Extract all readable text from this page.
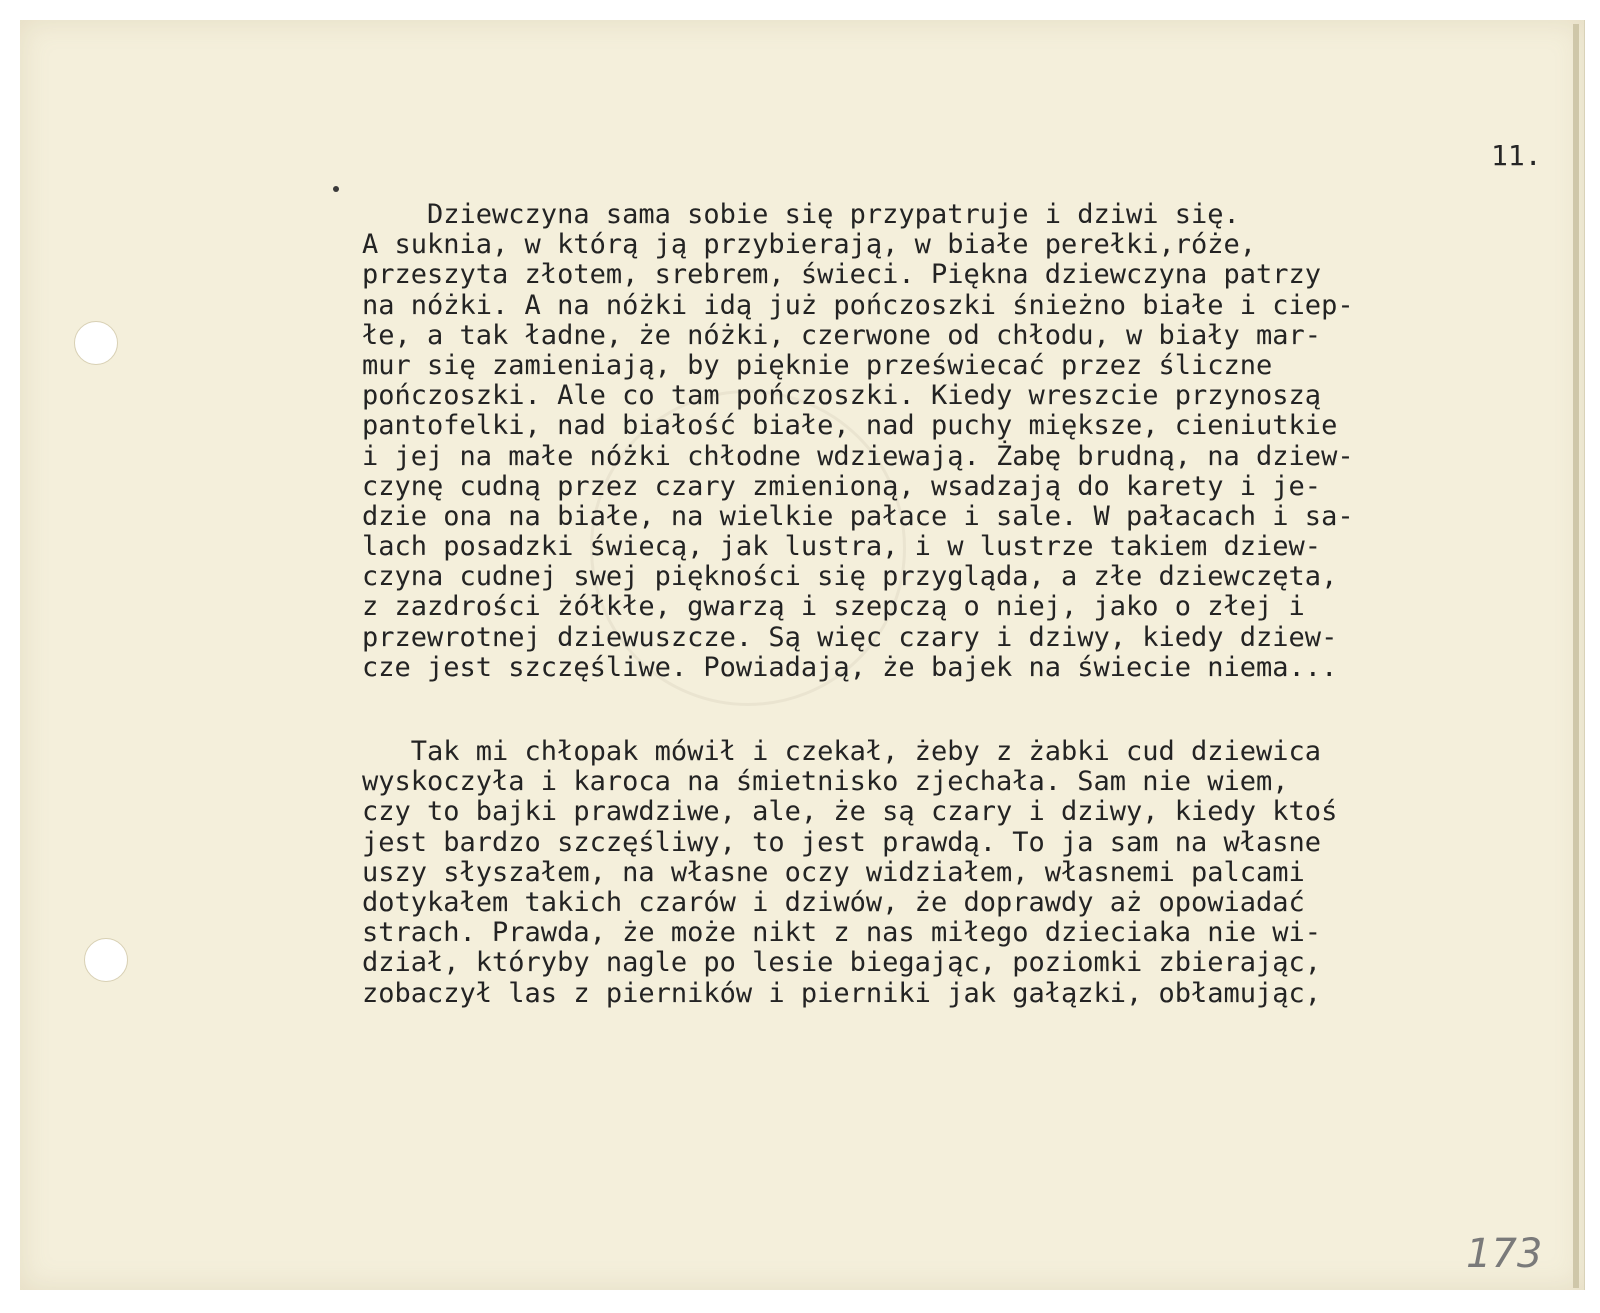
11.
Dziewczyna sama sobie się przypatruje i dziwi się.
A suknia, w którą ją przybierają, w białe perełki,róże,
przeszyta złotem, srebrem, świeci. Piękna dziewczyna patrzy
na nóżki. A na nóżki idą już pończoszki śnieżno białe i ciep-
łe, a tak ładne, że nóżki, czerwone od chłodu, w biały mar-
mur się zamieniają, by pięknie przeświecać przez śliczne
pończoszki. Ale co tam pończoszki. Kiedy wreszcie przynoszą
pantofelki, nad białość białe, nad puchy miększe, cieniutkie
i jej na małe nóżki chłodne wdziewają. Żabę brudną, na dziew-
czynę cudną przez czary zmienioną, wsadzają do karety i je-
dzie ona na białe, na wielkie pałace i sale. W pałacach i sa-
lach posadzki świecą, jak lustra, i w lustrze takiem dziew-
czyna cudnej swej piękności się przygląda, a złe dziewczęta,
z zazdrości żółkłe, gwarzą i szepczą o niej, jako o złej i
przewrotnej dziewuszcze. Są więc czary i dziwy, kiedy dziew-
cze jest szczęśliwe. Powiadają, że bajek na świecie niema...
Tak mi chłopak mówił i czekał, żeby z żabki cud dziewica
wyskoczyła i karoca na śmietnisko zjechała. Sam nie wiem,
czy to bajki prawdziwe, ale, że są czary i dziwy, kiedy ktoś
jest bardzo szczęśliwy, to jest prawdą. To ja sam na własne
uszy słyszałem, na własne oczy widziałem, własnemi palcami
dotykałem takich czarów i dziwów, że doprawdy aż opowiadać
strach. Prawda, że może nikt z nas miłego dzieciaka nie wi-
dział, któryby nagle po lesie biegając, poziomki zbierając,
zobaczył las z pierników i pierniki jak gałązki, obłamując,
173
